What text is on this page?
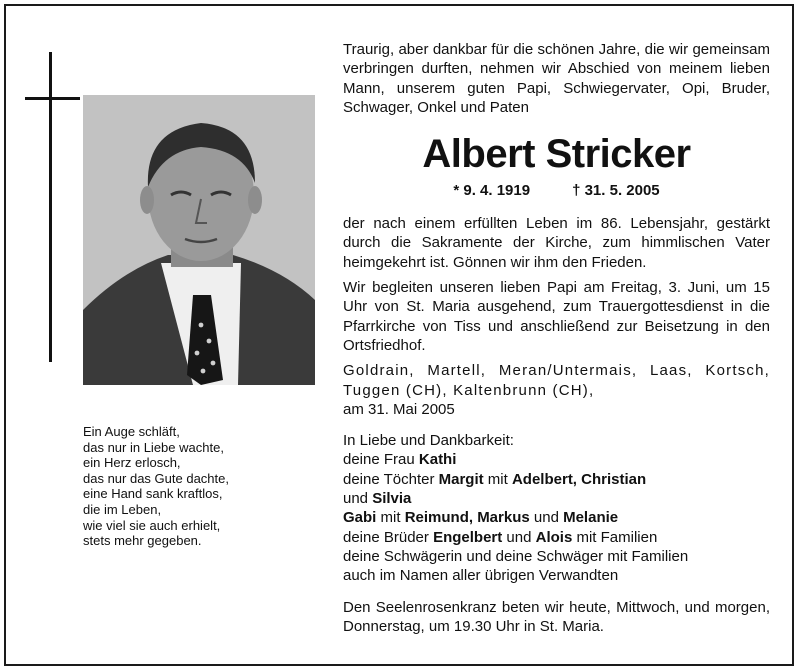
Ein Auge schläft,
das nur in Liebe wachte,
ein Herz erlosch,
das nur das Gute dachte,
eine Hand sank kraftlos,
die im Leben,
wie viel sie auch erhielt,
stets mehr gegeben.
Traurig, aber dankbar für die schönen Jahre, die wir gemeinsam verbringen durften, nehmen wir Abschied von meinem lieben Mann, unserem guten Papi, Schwiegervater, Opi, Bruder, Schwager, Onkel und Paten
Albert Stricker
* 9. 4. 1919	† 31. 5. 2005
der nach einem erfüllten Leben im 86. Lebensjahr, gestärkt durch die Sakramente der Kirche, zum himmlischen Vater heimgekehrt ist. Gönnen wir ihm den Frieden.
Wir begleiten unseren lieben Papi am Freitag, 3. Juni, um 15 Uhr von St. Maria ausgehend, zum Trauergottesdienst in die Pfarrkirche von Tiss und anschließend zur Beisetzung in den Ortsfriedhof.
Goldrain, Martell, Meran/Untermais, Laas, Kortsch, Tuggen (CH), Kaltenbrunn (CH),
am 31. Mai 2005
In Liebe und Dankbarkeit:
deine Frau Kathi
deine Töchter Margit mit Adelbert, Christian
und Silvia
Gabi mit Reimund, Markus und Melanie
deine Brüder Engelbert und Alois mit Familien
deine Schwägerin und deine Schwäger mit Familien
auch im Namen aller übrigen Verwandten
Den Seelenrosenkranz beten wir heute, Mittwoch, und morgen, Donnerstag, um 19.30 Uhr in St. Maria.
